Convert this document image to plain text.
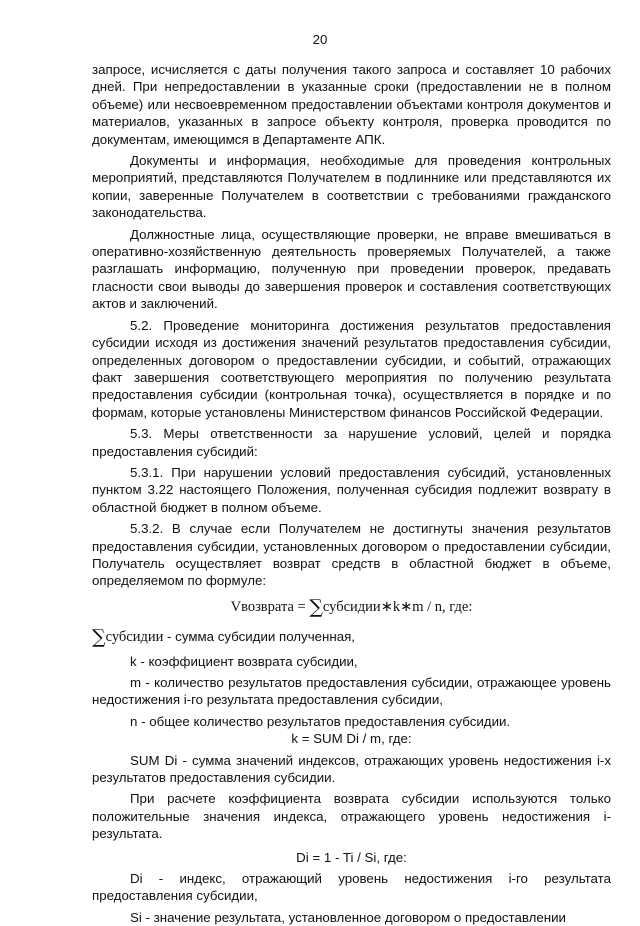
20

запросе, исчисляется с даты получения такого запроса и составляет 10 рабочих дней. При непредоставлении в указанные сроки (предоставлении не в полном объеме) или несвоевременном предоставлении объектами контроля документов и материалов, указанных в запросе объекту контроля, проверка проводится по документам, имеющимся в Департаменте АПК.

Документы и информация, необходимые для проведения контрольных мероприятий, представляются Получателем в подлиннике или представляются их копии, заверенные Получателем в соответствии с требованиями гражданского законодательства.

Должностные лица, осуществляющие проверки, не вправе вмешиваться в оперативно-хозяйственную деятельность проверяемых Получателей, а также разглашать информацию, полученную при проведении проверок, предавать гласности свои выводы до завершения проверок и составления соответствующих актов и заключений.

5.2. Проведение мониторинга достижения результатов предоставления субсидии исходя из достижения значений результатов предоставления субсидии, определенных договором о предоставлении субсидии, и событий, отражающих факт завершения соответствующего мероприятия по получению результата предоставления субсидии (контрольная точка), осуществляется в порядке и по формам, которые установлены Министерством финансов Российской Федерации.

5.3. Меры ответственности за нарушение условий, целей и порядка предоставления субсидий:

5.3.1. При нарушении условий предоставления субсидий, установленных пунктом 3.22 настоящего Положения, полученная субсидия подлежит возврату в областной бюджет в полном объеме.

5.3.2. В случае если Получателем не достигнуты значения результатов предоставления субсидии, установленных договором о предоставлении субсидии, Получатель осуществляет возврат средств в областной бюджет в объеме, определяемом по формуле:

Vвозврата = ∑субсидии∗k∗m / n, где:

∑субсидии - сумма субсидии полученная,

k - коэффициент возврата субсидии,

m - количество результатов предоставления субсидии, отражающее уровень недостижения i-го результата предоставления субсидии,

n - общее количество результатов предоставления субсидии.

k = SUM Di / m, где:

SUM Di - сумма значений индексов, отражающих уровень недостижения i-х результатов предоставления субсидии.

При расчете коэффициента возврата субсидии используются только положительные значения индекса, отражающего уровень недостижения i-результата.

Di = 1 - Ti / Si, где:

Di - индекс, отражающий уровень недостижения i-го результата предоставления субсидии,

Si - значение результата, установленное договором о предоставлении
